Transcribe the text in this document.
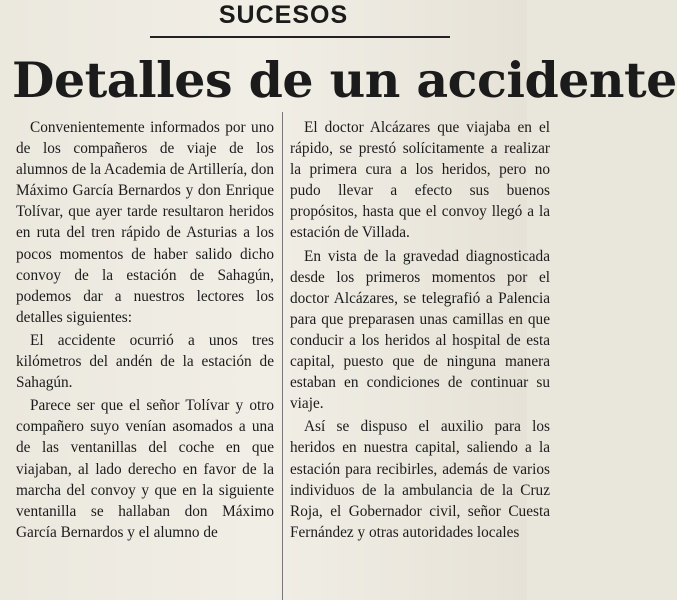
SUCESOS
Detalles de un accidente

Convenientemente informados por uno de los compañeros de viaje de los alumnos de la Academia de Artillería, don Máximo García Bernardos y don Enrique Tolívar, que ayer tarde resultaron heridos en ruta del tren rápido de Asturias a los pocos momentos de haber salido dicho convoy de la estación de Sahagún, podemos dar a nuestros lectores los detalles siguientes:

El accidente ocurrió a unos tres kilómetros del andén de la estación de Sahagún.

Parece ser que el señor Tolívar y otro compañero suyo venían asomados a una de las ventanillas del coche en que viajaban, al lado derecho en favor de la marcha del convoy y que en la siguiente ventanilla se hallaban don Máximo García Bernardos y el alumno de

El doctor Alcázares que viajaba en el rápido, se prestó solícitamente a realizar la primera cura a los heridos, pero no pudo llevar a efecto sus buenos propósitos, hasta que el convoy llegó a la estación de Villada.

En vista de la gravedad diagnosticada desde los primeros momentos por el doctor Alcázares, se telegrafió a Palencia para que preparasen unas camillas en que conducir a los heridos al hospital de esta capital, puesto que de ninguna manera estaban en condiciones de continuar su viaje.

Así se dispuso el auxilio para los heridos en nuestra capital, saliendo a la estación para recibirles, además de varios individuos de la ambulancia de la Cruz Roja, el Gobernador civil, señor Cuesta Fernández y otras autoridades locales
